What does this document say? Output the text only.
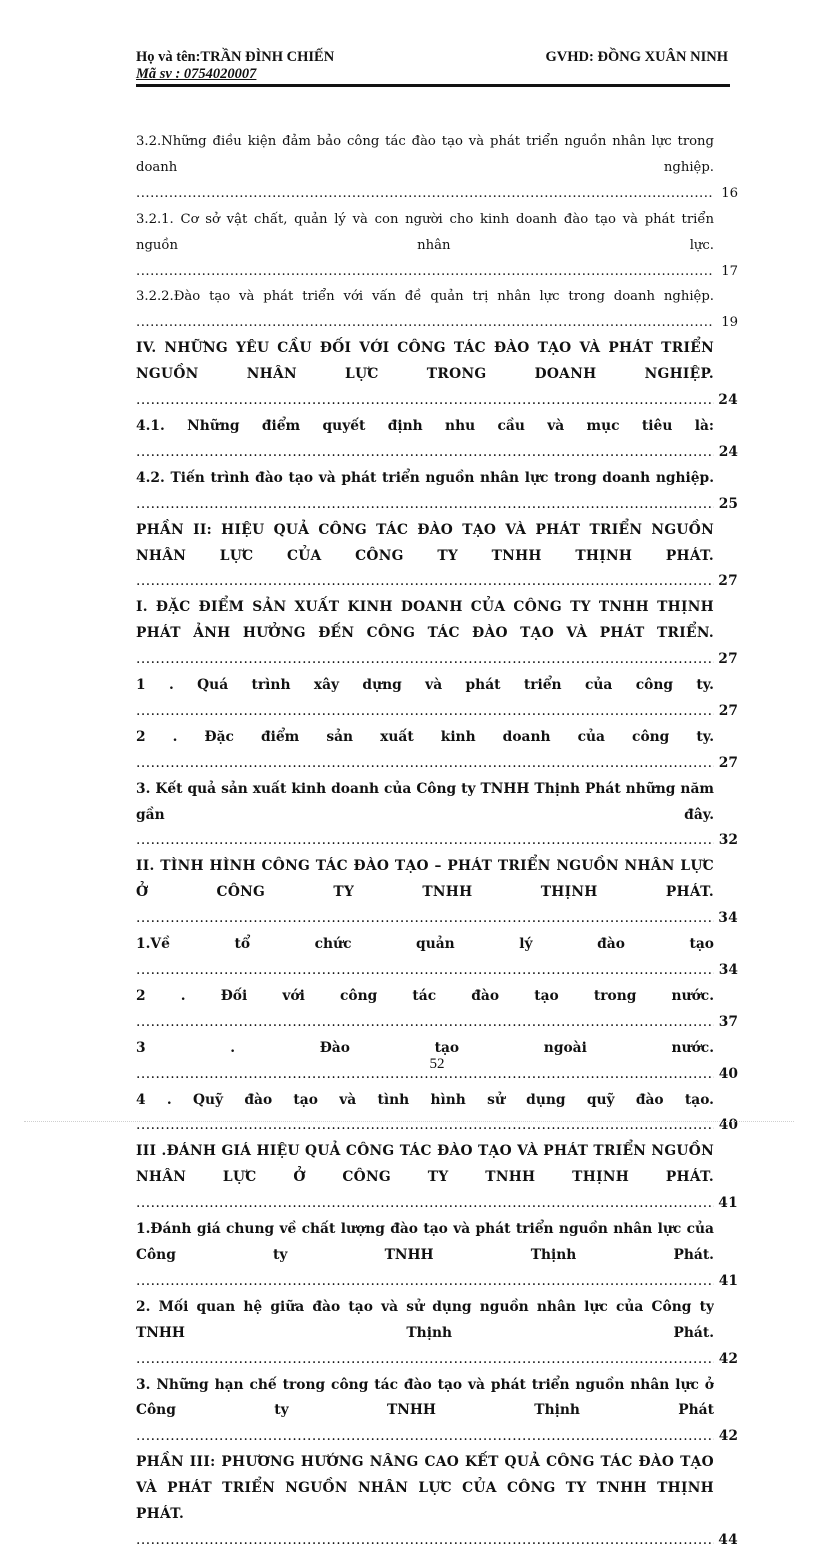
Họ và tên:TRẦN ĐÌNH CHIẾN	GVHD: ĐỒNG XUÂN NINH
Mã sv : 0754020007
3.2.Những điều kiện đảm bảo công tác đào tạo và phát triển nguồn nhân lực trong doanh nghiệp. .....
16
3.2.1. Cơ sở vật chất, quản lý và con người cho kinh doanh đào tạo và phát triển nguồn nhân lực. .....
17
3.2.2.Đào tạo và phát triển với vấn đề quản trị nhân lực trong doanh nghiệp. .....
19
IV. NHỮNG YÊU CẦU ĐỐI VỚI CÔNG TÁC ĐÀO TẠO VÀ PHÁT TRIỂN NGUỒN NHÂN LỰC TRONG DOANH NGHIỆP. .....
24
4.1. Những điểm quyết định nhu cầu và mục tiêu là: .....
24
4.2. Tiến trình đào tạo và phát triển nguồn nhân lực trong doanh nghiệp. .....
25
PHẦN II: HIỆU QUẢ CÔNG TÁC ĐÀO TẠO VÀ PHÁT TRIỂN NGUỒN NHÂN LỰC CỦA CÔNG TY TNHH THỊNH PHÁT. .....
27
I. ĐẶC ĐIỂM SẢN XUẤT KINH DOANH CỦA CÔNG TY TNHH THỊNH PHÁT ẢNH HƯỞNG ĐẾN CÔNG TÁC ĐÀO TẠO VÀ PHÁT TRIỂN. .....
27
1 . Quá trình xây dựng và phát triển của công ty. .....
27
2 . Đặc điểm sản xuất kinh doanh của công ty. .....
27
3. Kết quả sản xuất kinh doanh của Công ty TNHH Thịnh Phát những năm gần đây. .....
32
II. TÌNH HÌNH CÔNG TÁC ĐÀO TẠO – PHÁT TRIỂN NGUỒN NHÂN LỰC Ở CÔNG TY TNHH THỊNH PHÁT. .....
34
1.Về tổ chức quản lý đào tạo .....
34
2 . Đối với công tác đào tạo trong nước. .....
37
3 . Đào tạo ngoài nước. .....
40
4 . Quỹ đào tạo và tình hình sử dụng quỹ đào tạo. .....
40
III .ĐÁNH GIÁ HIỆU QUẢ CÔNG TÁC ĐÀO TẠO VÀ PHÁT TRIỂN NGUỒN NHÂN LỰC Ở CÔNG TY TNHH THỊNH PHÁT. .....
41
1.Đánh giá chung về chất lượng đào tạo và phát triển nguồn nhân lực của Công ty TNHH Thịnh Phát. .....
41
2. Mối quan hệ giữa đào tạo và sử dụng nguồn nhân lực của Công ty TNHH Thịnh Phát. .....
42
3. Những hạn chế trong công tác đào tạo và phát triển nguồn nhân lực ở Công ty TNHH Thịnh Phát .....
42
PHẦN III: PHƯƠNG HƯỚNG NÂNG CAO KẾT QUẢ CÔNG TÁC ĐÀO TẠO VÀ PHÁT TRIỂN NGUỒN NHÂN LỰC CỦA CÔNG TY TNHH THỊNH PHÁT. .....
44
52
